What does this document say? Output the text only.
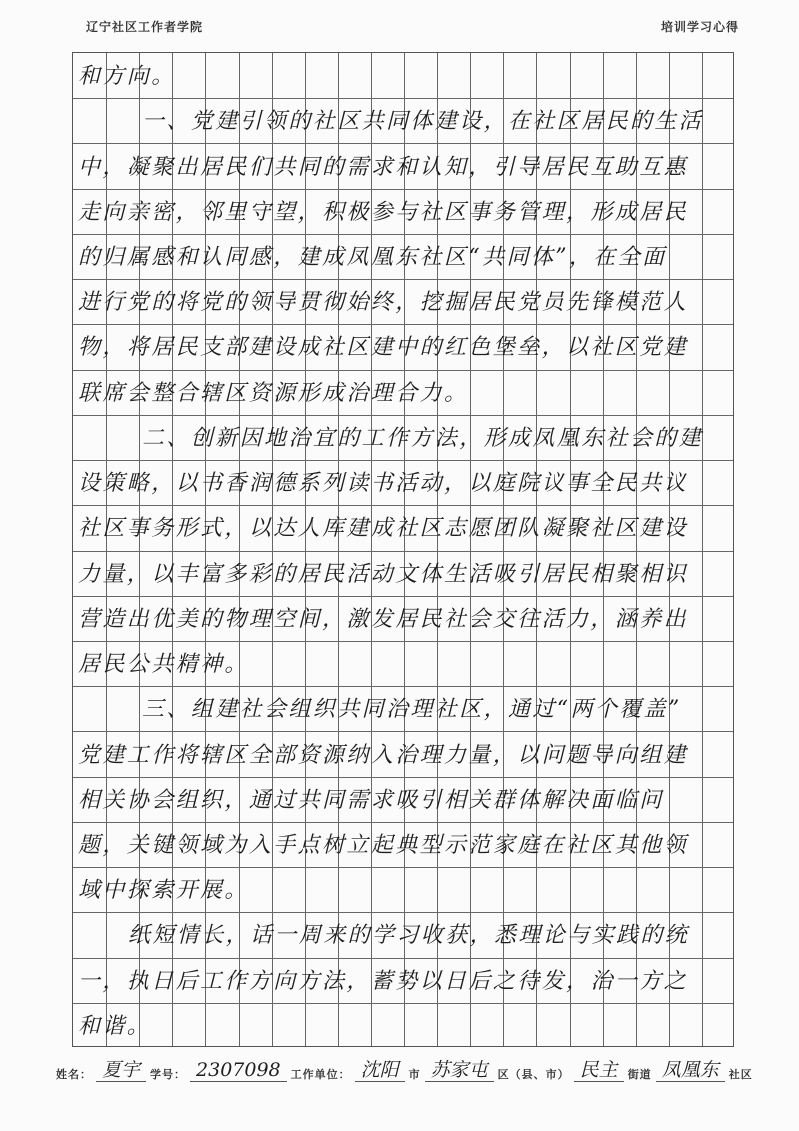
辽宁社区工作者学院	培训学习心得
和方向。
一、党建引领的社区共同体建设，在社区居民的生活
中，凝聚出居民们共同的需求和认知，引导居民互助互惠
走向亲密，邻里守望，积极参与社区事务管理，形成居民
的归属感和认同感，建成凤凰东社区“共同体”，在全面
进行党的将党的领导贯彻始终，挖掘居民党员先锋模范人
物，将居民支部建设成社区建中的红色堡垒，以社区党建
联席会整合辖区资源形成治理合力。
二、创新因地治宜的工作方法，形成凤凰东社会的建
设策略，以书香润德系列读书活动，以庭院议事全民共议
社区事务形式，以达人库建成社区志愿团队凝聚社区建设
力量，以丰富多彩的居民活动文体生活吸引居民相聚相识
营造出优美的物理空间，激发居民社会交往活力，涵养出
居民公共精神。
三、组建社会组织共同治理社区，通过“两个覆盖”
党建工作将辖区全部资源纳入治理力量，以问题导向组建
相关协会组织，通过共同需求吸引相关群体解决面临问
题，关键领域为入手点树立起典型示范家庭在社区其他领
域中探索开展。
纸短情长，话一周来的学习收获，悉理论与实践的统
一，执日后工作方向方法，蓄势以日后之待发，治一方之
和谐。
姓名： 夏宇 学号： 2307098 工作单位： 沈阳 市 苏家屯 区（县、市） 民主 街道 凤凰东 社区
